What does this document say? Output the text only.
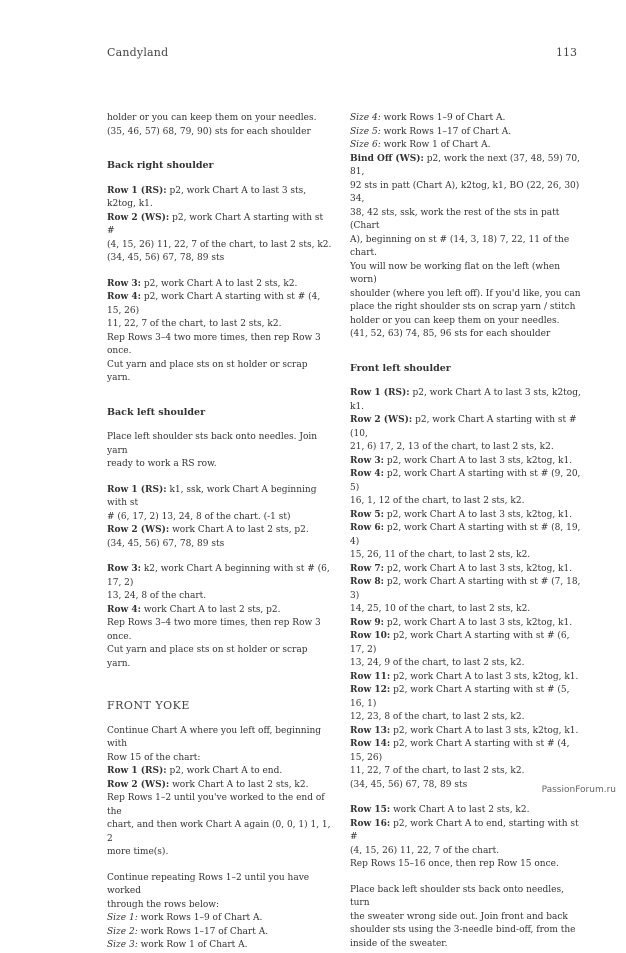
Candyland	113

holder or you can keep them on your needles.

(35, 46, 57) 68, 79, 90) sts for each shoulder

Back right shoulder

Row 1 (RS): p2, work Chart A to last 3 sts, k2tog, k1.

Row 2 (WS): p2, work Chart A starting with st #

(4, 15, 26) 11, 22, 7 of the chart, to last 2 sts, k2.

(34, 45, 56) 67, 78, 89 sts

Row 3: p2, work Chart A to last 2 sts, k2.

Row 4: p2, work Chart A starting with st # (4, 15, 26)

11, 22, 7 of the chart, to last 2 sts, k2.

Rep Rows 3–4 two more times, then rep Row 3 once.

Cut yarn and place sts on st holder or scrap yarn.

Back left shoulder

Place left shoulder sts back onto needles. Join yarn

ready to work a RS row.

Row 1 (RS): k1, ssk, work Chart A beginning with st

# (6, 17, 2) 13, 24, 8 of the chart. (-1 st)

Row 2 (WS): work Chart A to last 2 sts, p2.

(34, 45, 56) 67, 78, 89 sts

Row 3: k2, work Chart A beginning with st # (6, 17, 2)

13, 24, 8 of the chart.

Row 4: work Chart A to last 2 sts, p2.

Rep Rows 3–4 two more times, then rep Row 3 once.

Cut yarn and place sts on st holder or scrap yarn.

FRONT YOKE

Continue Chart A where you left off, beginning with

Row 15 of the chart:

Row 1 (RS): p2, work Chart A to end.

Row 2 (WS): work Chart A to last 2 sts, k2.

Rep Rows 1–2 until you've worked to the end of the

chart, and then work Chart A again (0, 0, 1) 1, 1, 2

more time(s).

Continue repeating Rows 1–2 until you have worked

through the rows below:

Size 1: work Rows 1–9 of Chart A.

Size 2: work Rows 1–17 of Chart A.

Size 3: work Row 1 of Chart A.

Size 4: work Rows 1–9 of Chart A.

Size 5: work Rows 1–17 of Chart A.

Size 6: work Row 1 of Chart A.

Bind Off (WS): p2, work the next (37, 48, 59) 70, 81,

92 sts in patt (Chart A), k2tog, k1, BO (22, 26, 30) 34,

38, 42 sts, ssk, work the rest of the sts in patt (Chart

A), beginning on st # (14, 3, 18) 7, 22, 11 of the chart.

You will now be working flat on the left (when worn)

shoulder (where you left off). If you'd like, you can

place the right shoulder sts on scrap yarn / stitch

holder or you can keep them on your needles.

(41, 52, 63) 74, 85, 96 sts for each shoulder

Front left shoulder

Row 1 (RS): p2, work Chart A to last 3 sts, k2tog, k1.

Row 2 (WS): p2, work Chart A starting with st # (10,

21, 6) 17, 2, 13 of the chart, to last 2 sts, k2.

Row 3: p2, work Chart A to last 3 sts, k2tog, k1.

Row 4: p2, work Chart A starting with st # (9, 20, 5)

16, 1, 12 of the chart, to last 2 sts, k2.

Row 5: p2, work Chart A to last 3 sts, k2tog, k1.

Row 6: p2, work Chart A starting with st # (8, 19, 4)

15, 26, 11 of the chart, to last 2 sts, k2.

Row 7: p2, work Chart A to last 3 sts, k2tog, k1.

Row 8: p2, work Chart A starting with st # (7, 18, 3)

14, 25, 10 of the chart, to last 2 sts, k2.

Row 9: p2, work Chart A to last 3 sts, k2tog, k1.

Row 10: p2, work Chart A starting with st # (6, 17, 2)

13, 24, 9 of the chart, to last 2 sts, k2.

Row 11: p2, work Chart A to last 3 sts, k2tog, k1.

Row 12: p2, work Chart A starting with st # (5, 16, 1)

12, 23, 8 of the chart, to last 2 sts, k2.

Row 13: p2, work Chart A to last 3 sts, k2tog, k1.

Row 14: p2, work Chart A starting with st # (4, 15, 26)

11, 22, 7 of the chart, to last 2 sts, k2.

(34, 45, 56) 67, 78, 89 sts

Row 15: work Chart A to last 2 sts, k2.

Row 16: p2, work Chart A to end, starting with st #

(4, 15, 26) 11, 22, 7 of the chart.

Rep Rows 15–16 once, then rep Row 15 once.

Place back left shoulder sts back onto needles, turn

the sweater wrong side out. Join front and back

shoulder sts using the 3-needle bind-off, from the

inside of the sweater.

PassionForum.ru
